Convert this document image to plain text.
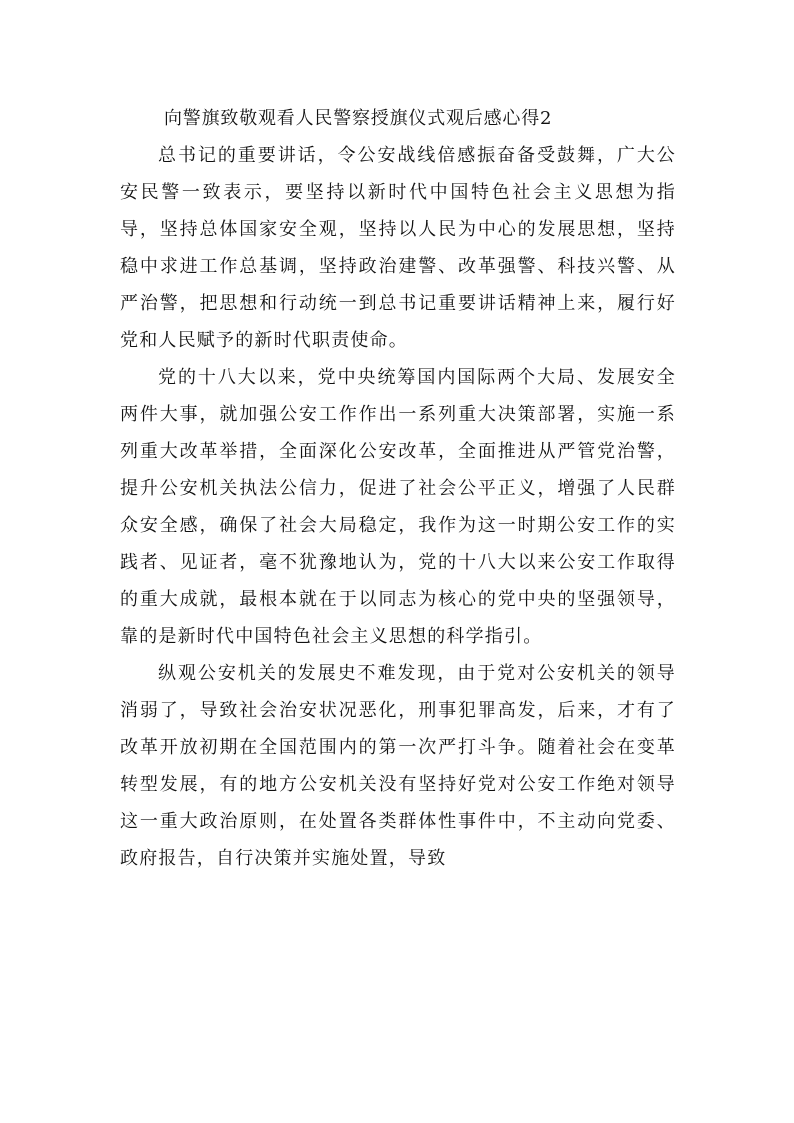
向警旗致敬观看人民警察授旗仪式观后感心得2

总书记的重要讲话，令公安战线倍感振奋备受鼓舞，广大公安民警一致表示，要坚持以新时代中国特色社会主义思想为指导，坚持总体国家安全观，坚持以人民为中心的发展思想，坚持稳中求进工作总基调，坚持政治建警、改革强警、科技兴警、从严治警，把思想和行动统一到总书记重要讲话精神上来，履行好党和人民赋予的新时代职责使命。

党的十八大以来，党中央统筹国内国际两个大局、发展安全两件大事，就加强公安工作作出一系列重大决策部署，实施一系列重大改革举措，全面深化公安改革，全面推进从严管党治警，提升公安机关执法公信力，促进了社会公平正义，增强了人民群众安全感，确保了社会大局稳定，我作为这一时期公安工作的实践者、见证者，毫不犹豫地认为，党的十八大以来公安工作取得的重大成就，最根本就在于以同志为核心的党中央的坚强领导，靠的是新时代中国特色社会主义思想的科学指引。

纵观公安机关的发展史不难发现，由于党对公安机关的领导消弱了，导致社会治安状况恶化，刑事犯罪高发，后来，才有了改革开放初期在全国范围内的第一次严打斗争。随着社会在变革转型发展，有的地方公安机关没有坚持好党对公安工作绝对领导这一重大政治原则，在处置各类群体性事件中，不主动向党委、政府报告，自行决策并实施处置，导致
